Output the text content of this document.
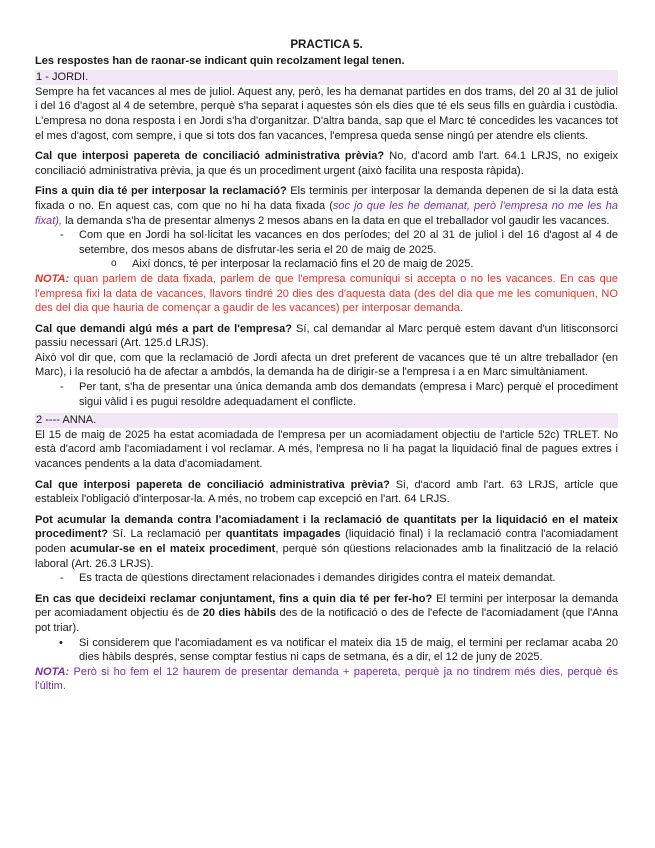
PRACTICA 5.
Les respostes han de raonar-se indicant quin recolzament legal tenen.
1 - JORDI.

Sempre ha fet vacances al mes de juliol. Aquest any, però, les ha demanat partides en dos trams, del 20 al 31 de juliol i del 16 d'agost al 4 de setembre, perquè s'ha separat i aquestes són els dies que té els seus fills en guàrdia i custòdia. L'empresa no dona resposta i en Jordi s'ha d'organitzar. D'altra banda, sap que el Marc té concedides les vacances tot el mes d'agost, com sempre, i que si tots dos fan vacances, l'empresa queda sense ningú per atendre els clients.

Cal que interposi papereta de conciliació administrativa prèvia? No, d'acord amb l'art. 64.1 LRJS, no exigeix conciliació administrativa prèvia, ja que és un procediment urgent (això facilita una resposta ràpida).

Fins a quin dia té per interposar la reclamació? Els terminis per interposar la demanda depenen de si la data està fixada o no. En aquest cas, com que no hi ha data fixada (soc jo que les he demanat, però l'empresa no me les ha fixat), la demanda s'ha de presentar almenys 2 mesos abans en la data en que el treballador vol gaudir les vacances.

- Com que en Jordi ha sol·licitat les vacances en dos períodes; del 20 al 31 de juliol i del 16 d'agost al 4 de setembre, dos mesos abans de disfrutar-les seria el 20 de maig de 2025.
o Així doncs, té per interposar la reclamació fins el 20 de maig de 2025.

NOTA: quan parlem de data fixada, parlem de que l'empresa comuniqui si accepta o no les vacances. En cas que l'empresa fixi la data de vacances, llavors tindré 20 dies des d'aquesta data (des del dia que me les comuniquen, NO des del dia que hauria de començar a gaudir de les vacances) per interposar demanda.

Cal que demandi algú més a part de l'empresa? Sí, cal demandar al Marc perquè estem davant d'un litisconsorci passiu necessari (Art. 125.d LRJS).

Això vol dir que, com que la reclamació de Jordi afecta un dret preferent de vacances que té un altre treballador (en Marc), i la resolució ha de afectar a ambdós, la demanda ha de dirigir-se a l'empresa i a en Marc simultàniament.

- Per tant, s'ha de presentar una única demanda amb dos demandats (empresa i Marc) perquè el procediment sigui vàlid i es pugui resoldre adequadament el conflicte.
2 ---- ANNA.

El 15 de maig de 2025 ha estat acomiadada de l'empresa per un acomiadament objectiu de l'article 52c) TRLET. No està d'acord amb l'acomiadament i vol reclamar. A més, l'empresa no li ha pagat la liquidació final de pagues extres i vacances pendents a la data d'acomiadament.

Cal que interposi papereta de conciliació administrativa prèvia? Si, d'acord amb l'art. 63 LRJS, article que estableix l'obligació d'interposar-la. A més, no trobem cap excepció en l'art. 64 LRJS.

Pot acumular la demanda contra l'acomiadament i la reclamació de quantitats per la liquidació en el mateix procediment? Sí. La reclamació per quantitats impagades (liquidació final) i la reclamació contra l'acomiadament poden acumular-se en el mateix procediment, perquè són qüestions relacionades amb la finalització de la relació laboral (Art. 26.3 LRJS).

- Es tracta de qüestions directament relacionades i demandes dirigides contra el mateix demandat.

En cas que decideixi reclamar conjuntament, fins a quin dia té per fer-ho? El termini per interposar la demanda per acomiadament objectiu és de 20 dies hàbils des de la notificació o des de l'efecte de l'acomiadament (que l'Anna pot triar).

• Si considerem que l'acomiadament es va notificar el mateix dia 15 de maig, el termini per reclamar acaba 20 dies hàbils després, sense comptar festius ni caps de setmana, és a dir, el 12 de juny de 2025.

NOTA: Però si ho fem el 12 haurem de presentar demanda + papereta, perquè ja no tindrem més dies, perquè és l'últim.
